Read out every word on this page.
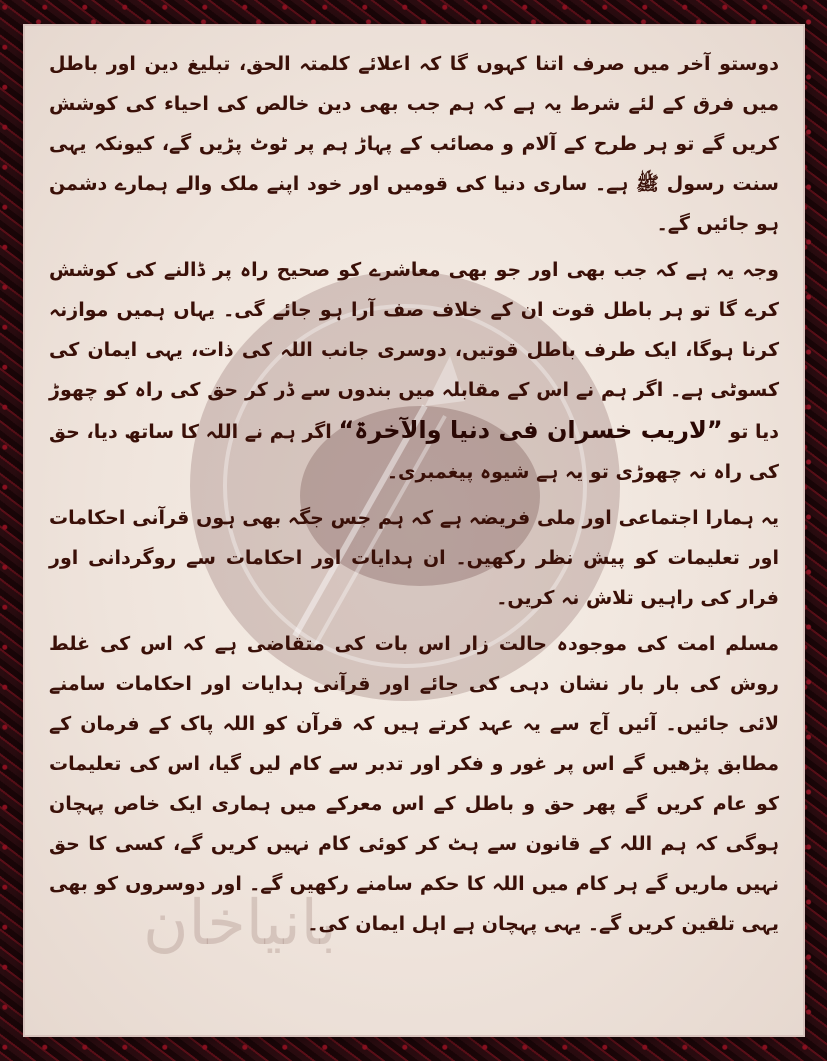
بانیاخان

دوستو آخر میں صرف اتنا کہوں گا کہ اعلائے کلمتہ الحق، تبلیغ دین اور باطل میں فرق کے لئے شرط یہ ہے کہ ہم جب بھی دین خالص کی احیاء کی کوشش کریں گے تو ہر طرح کے آلام و مصائب کے پہاڑ ہم پر ٹوٹ پڑیں گے، کیونکہ یہی سنت رسول ﷺ ہے۔ ساری دنیا کی قومیں اور خود اپنے ملک والے ہمارے دشمن ہو جائیں گے۔

وجہ یہ ہے کہ جب بھی اور جو بھی معاشرے کو صحیح راہ پر ڈالنے کی کوشش کرے گا تو ہر باطل قوت ان کے خلاف صف آرا ہو جائے گی۔ یہاں ہمیں موازنہ کرنا ہوگا، ایک طرف باطل قوتیں، دوسری جانب اللہ کی ذات، یہی ایمان کی کسوٹی ہے۔ اگر ہم نے اس کے مقابلہ میں بندوں سے ڈر کر حق کی راہ کو چھوڑ دیا تو ”لاریب خسران فی دنیا والآخرۃ“ اگر ہم نے اللہ کا ساتھ دیا، حق کی راہ نہ چھوڑی تو یہ ہے شیوہ پیغمبری۔

یہ ہمارا اجتماعی اور ملی فریضہ ہے کہ ہم جس جگہ بھی ہوں قرآنی احکامات اور تعلیمات کو پیش نظر رکھیں۔ ان ہدایات اور احکامات سے روگردانی اور فرار کی راہیں تلاش نہ کریں۔

مسلم امت کی موجودہ حالت زار اس بات کی متقاضی ہے کہ اس کی غلط روش کی بار بار نشان دہی کی جائے اور قرآنی ہدایات اور احکامات سامنے لائی جائیں۔ آئیں آج سے یہ عہد کرتے ہیں کہ قرآن کو اللہ پاک کے فرمان کے مطابق پڑھیں گے اس پر غور و فکر اور تدبر سے کام لیں گیا، اس کی تعلیمات کو عام کریں گے پھر حق و باطل کے اس معرکے میں ہماری ایک خاص پہچان ہوگی کہ ہم اللہ کے قانون سے ہٹ کر کوئی کام نہیں کریں گے، کسی کا حق نہیں ماریں گے ہر کام میں اللہ کا حکم سامنے رکھیں گے۔ اور دوسروں کو بھی یہی تلقین کریں گے۔ یہی پہچان ہے اہل ایمان کی۔
